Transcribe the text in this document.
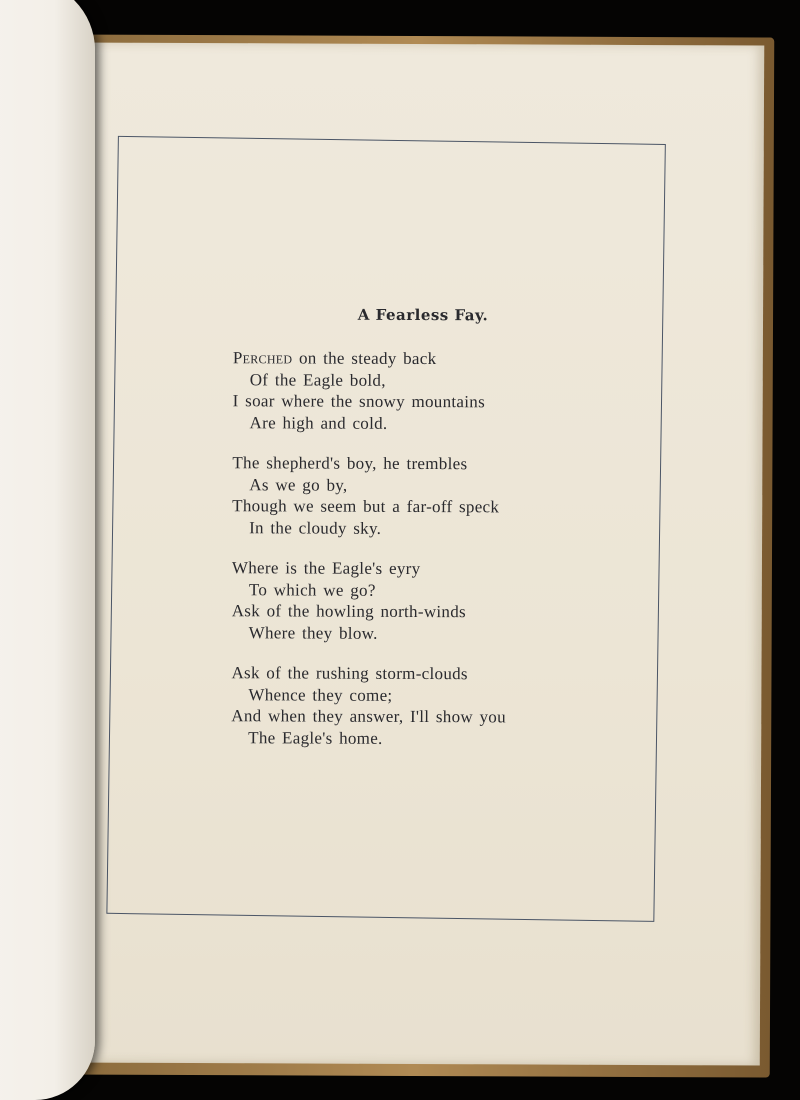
A Fearless Fay.
Perched on the steady back
Of the Eagle bold,
I soar where the snowy mountains
Are high and cold.
The shepherd's boy, he trembles
As we go by,
Though we seem but a far-off speck
In the cloudy sky.
Where is the Eagle's eyry
To which we go?
Ask of the howling north-winds
Where they blow.
Ask of the rushing storm-clouds
Whence they come;
And when they answer, I'll show you
The Eagle's home.
